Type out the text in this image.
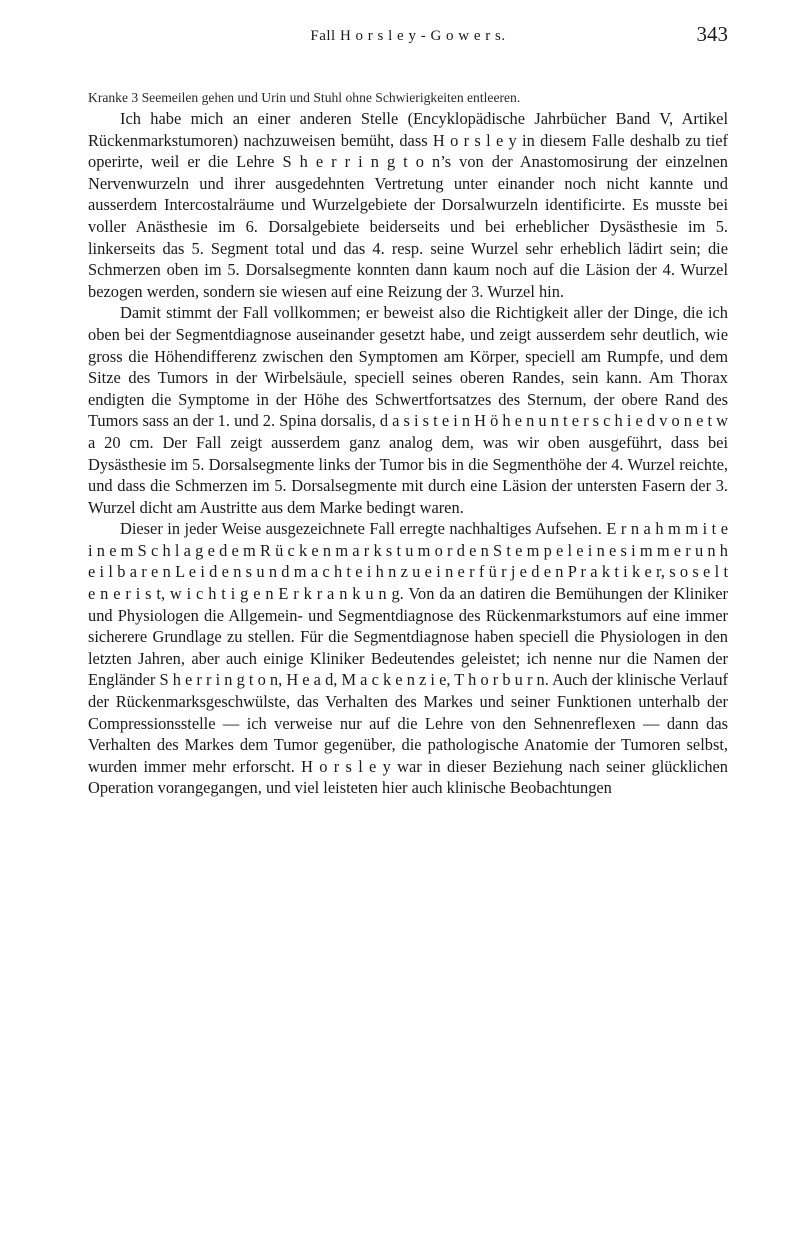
Fall H o r s l e y - G o w e r s.	343

Kranke 3 Seemeilen gehen und Urin und Stuhl ohne Schwierigkeiten entleeren.

Ich habe mich an einer anderen Stelle (Encyklopädische Jahrbücher Band V, Artikel Rückenmarkstumoren) nachzuweisen bemüht, dass H o r s l e y in diesem Falle deshalb zu tief operirte, weil er die Lehre S h e r r i n g t o n’s von der Anastomosirung der einzelnen Nervenwurzeln und ihrer ausgedehnten Vertretung unter einander noch nicht kannte und ausserdem Intercostalräume und Wurzelgebiete der Dorsalwurzeln identificirte. Es musste bei voller Anästhesie im 6. Dorsalgebiete beiderseits und bei erheblicher Dysästhesie im 5. linkerseits das 5. Segment total und das 4. resp. seine Wurzel sehr erheblich lädirt sein; die Schmerzen oben im 5. Dorsalsegmente konnten dann kaum noch auf die Läsion der 4. Wurzel bezogen werden, sondern sie wiesen auf eine Reizung der 3. Wurzel hin.

Damit stimmt der Fall vollkommen; er beweist also die Richtigkeit aller der Dinge, die ich oben bei der Segmentdiagnose auseinander gesetzt habe, und zeigt ausserdem sehr deutlich, wie gross die Höhendifferenz zwischen den Symptomen am Körper, speciell am Rumpfe, und dem Sitze des Tumors in der Wirbelsäule, speciell seines oberen Randes, sein kann. Am Thorax endigten die Symptome in der Höhe des Schwertfortsatzes des Sternum, der obere Rand des Tumors sass an der 1. und 2. Spina dorsalis, d a s i s t e i n H ö h e n u n t e r s c h i e d v o n e t w a 20 cm. Der Fall zeigt ausserdem ganz analog dem, was wir oben ausgeführt, dass bei Dysästhesie im 5. Dorsalsegmente links der Tumor bis in die Segmenthöhe der 4. Wurzel reichte, und dass die Schmerzen im 5. Dorsalsegmente mit durch eine Läsion der untersten Fasern der 3. Wurzel dicht am Austritte aus dem Marke bedingt waren.

Dieser in jeder Weise ausgezeichnete Fall erregte nachhaltiges Aufsehen. E r n a h m m i t e i n e m S c h l a g e d e m R ü c k e n m a r k s t u m o r d e n S t e m p e l e i n e s i m m e r u n h e i l b a r e n L e i d e n s u n d m a c h t e i h n z u e i n e r f ü r j e d e n P r a k t i k e r, s o s e l t e n e r i s t, w i c h t i g e n E r k r a n k u n g. Von da an datiren die Bemühungen der Kliniker und Physiologen die Allgemein- und Segmentdiagnose des Rückenmarkstumors auf eine immer sicherere Grundlage zu stellen. Für die Segmentdiagnose haben speciell die Physiologen in den letzten Jahren, aber auch einige Kliniker Bedeutendes geleistet; ich nenne nur die Namen der Engländer S h e r r i n g t o n, H e a d, M a c k e n z i e, T h o r b u r n. Auch der klinische Verlauf der Rückenmarksgeschwülste, das Verhalten des Markes und seiner Funktionen unterhalb der Compressionsstelle — ich verweise nur auf die Lehre von den Sehnenreflexen — dann das Verhalten des Markes dem Tumor gegenüber, die pathologische Anatomie der Tumoren selbst, wurden immer mehr erforscht. H o r s l e y war in dieser Beziehung nach seiner glücklichen Operation vorangegangen, und viel leisteten hier auch klinische Beobachtungen
